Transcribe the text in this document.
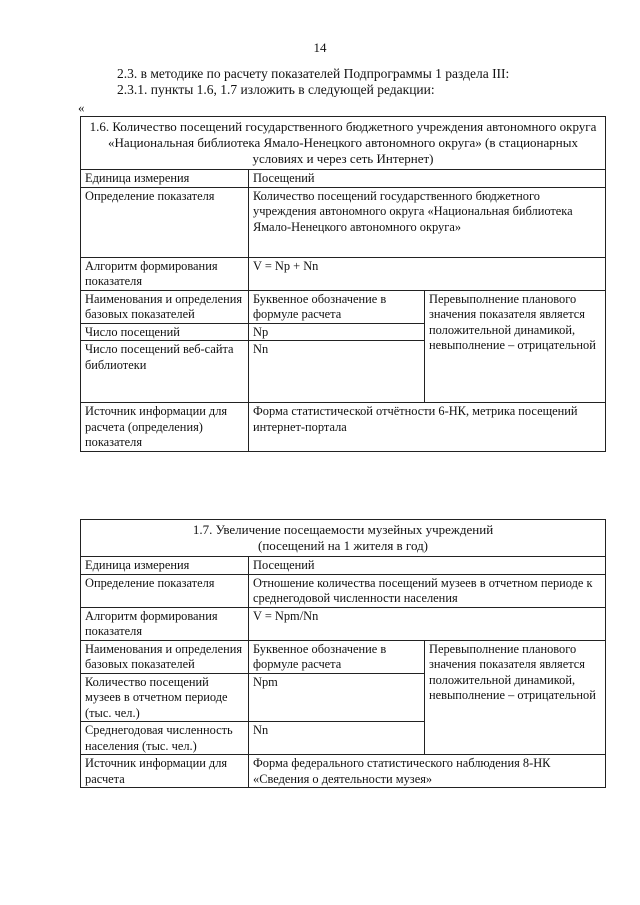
14
2.3. в методике по расчету показателей Подпрограммы 1 раздела III:
2.3.1. пункты 1.6, 1.7 изложить в следующей редакции:
«
1.6. Количество посещений государственного бюджетного учреждения автономного округа «Национальная библиотека Ямало-Ненецкого автономного округа» (в стационарных условиях и через сеть Интернет)		
Единица измерения	Посещений	
Определение показателя	Количество посещений государственного бюджетного учреждения автономного округа «Национальная библиотека Ямало-Ненецкого автономного округа»	
Алгоритм формирования показателя	V = Np + Nn	
Наименования и определения базовых показателей	Буквенное обозначение в формуле расчета	Перевыполнение планового значения показателя является положительной динамикой, невыполнение – отрицательной
Число посещений	Np	
Число посещений веб-сайта библиотеки	Nn	
Источник информации для расчета (определения) показателя	Форма статистической отчётности 6-НК, метрика посещений интернет-портала	
1.7. Увеличение посещаемости музейных учреждений
(посещений на 1 жителя в год)		

Единица измерения	Посещений	
Определение показателя	Отношение количества посещений музеев в отчетном периоде к среднегодовой численности населения	
Алгоритм формирования показателя	V = Npm/Nn	
Наименования и определения базовых показателей	Буквенное обозначение в формуле расчета	Перевыполнение планового значения показателя является положительной динамикой, невыполнение – отрицательной
Количество посещений музеев в отчетном периоде (тыс. чел.)	Npm	
Среднегодовая численность населения (тыс. чел.)	Nn	
Источник информации для расчета	Форма федерального статистического наблюдения 8-НК «Сведения о деятельности музея»	
